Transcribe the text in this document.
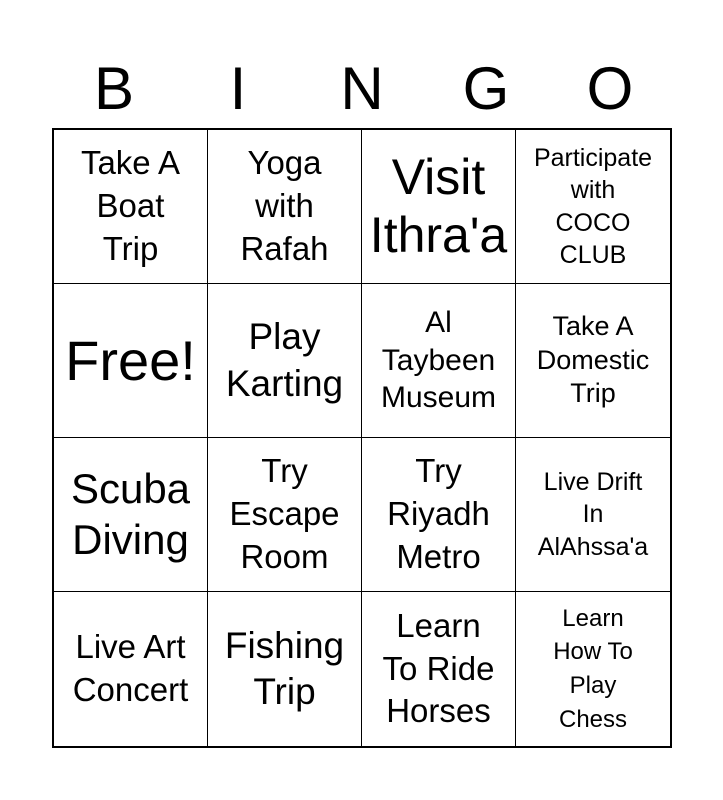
B	I	N	G	O
Take A
Boat
Trip
Yoga
with
Rafah
Visit
Ithra'a
Participate
with
COCO
CLUB
Free!	Play
Karting
Al
Taybeen
Museum
Take A
Domestic
Trip
Scuba
Diving
Try
Escape
Room
Try
Riyadh
Metro
Live Drift
In
AlAhssa'a
Live Art
Concert
Fishing
Trip
Learn
To Ride
Horses
Learn
How To
Play
Chess
